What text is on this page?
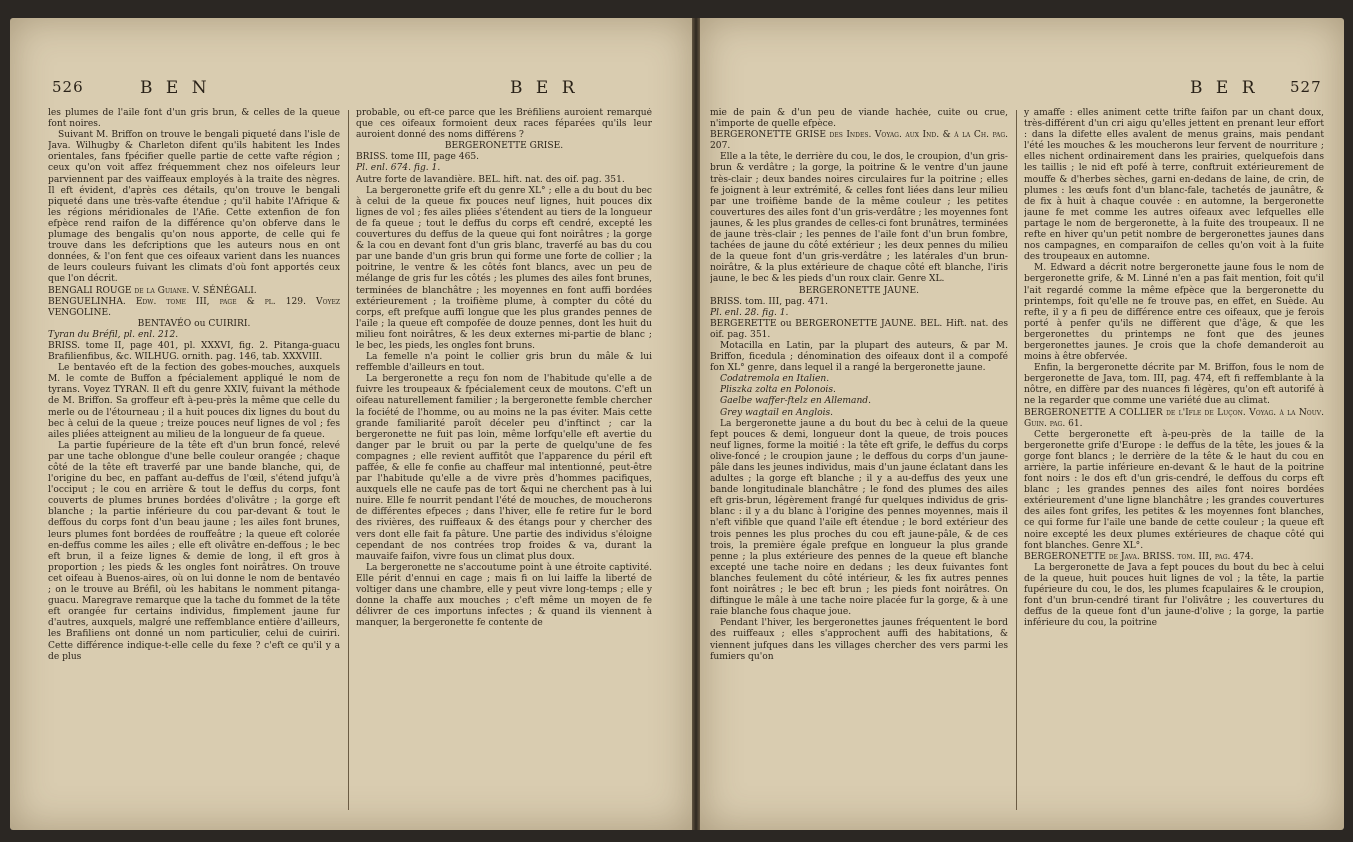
526	B E N	B E R

les plumes de l'aile font d'un gris brun, & celles de la queue font noires.

Suivant M. Briffon on trouve le bengali piqueté dans l'isle de Java. Wilhugby & Charleton difent qu'ils habitent les Indes orientales, fans fpécifier quelle partie de cette vafte région ; ceux qu'on voit affez fréquemment chez nos oifeleurs leur parviennent par des vaiffeaux employés à la traite des nègres. Il eft évident, d'après ces détails, qu'on trouve le bengali piqueté dans une très-vafte étendue ; qu'il habite l'Afrique & les régions méridionales de l'Afie. Cette extenfion de fon efpèce rend raifon de la différence qu'on obferve dans le plumage des bengalis qu'on nous apporte, de celle qui fe trouve dans les defcriptions que les auteurs nous en ont données, & l'on fent que ces oifeaux varient dans les nuances de leurs couleurs fuivant les climats d'où font apportés ceux que l'on décrit.

BENGALI ROUGE de la Guiane. V. SÉNÉGALI.

BENGUELINHA. Edw. tome III, page & pl. 129. Voyez VENGOLINE.

BENTAVÉO ou CUIRIRI.

Tyran du Bréfil, pl. enl. 212.

BRISS. tome II, page 401, pl. XXXVI, fig. 2. Pitanga-guacu Brafilienfibus, &c. WILHUG. ornith. pag. 146, tab. XXXVIII.

Le bentavéo eft de la fection des gobes-mouches, auxquels M. le comte de Buffon a fpécialement appliqué le nom de tyrans. Voyez TYRAN. Il eft du genre XXIV, fuivant la méthode de M. Briffon. Sa groffeur eft à-peu-près la même que celle du merle ou de l'étourneau ; il a huit pouces dix lignes du bout du bec à celui de la queue ; treize pouces neuf lignes de vol ; fes ailes pliées atteignent au milieu de la longueur de fa queue.

La partie fupérieure de la tête eft d'un brun foncé, relevé par une tache oblongue d'une belle couleur orangée ; chaque côté de la tête eft traverfé par une bande blanche, qui, de l'origine du bec, en paffant au-deffus de l'œil, s'étend jufqu'à l'occiput ; le cou en arrière & tout le deffus du corps, font couverts de plumes brunes bordées d'olivâtre ; la gorge eft blanche ; la partie inférieure du cou par-devant & tout le deffous du corps font d'un beau jaune ; les ailes font brunes, leurs plumes font bordées de rouffeâtre ; la queue eft colorée en-deffus comme les ailes ; elle eft olivâtre en-deffous ; le bec eft brun, il a feize lignes & demie de long, il eft gros à proportion ; les pieds & les ongles font noirâtres. On trouve cet oifeau à Buenos-aires, où on lui donne le nom de bentavéo ; on le trouve au Bréfil, où les habitans le nomment pitanga-guacu. Maregrave remarque que la tache du fommet de la tête eft orangée fur certains individus, fimplement jaune fur d'autres, auxquels, malgré une reffemblance entière d'ailleurs, les Brafiliens ont donné un nom particulier, celui de cuiriri. Cette différence indique-t-elle celle du fexe ? c'eft ce qu'il y a de plus

probable, ou eft-ce parce que les Bréfiliens auroient remarqué que ces oifeaux formoient deux races féparées qu'ils leur auroient donné des noms différens ?

BERGERONETTE GRISE.

BRISS. tome III, page 465.

Pl. enl. 674. fig. 1.

Autre forte de lavandière. BEL. hift. nat. des oif. pag. 351.

La bergeronette grife eft du genre XL° ; elle a du bout du bec à celui de la queue fix pouces neuf lignes, huit pouces dix lignes de vol ; fes ailes pliées s'étendent au tiers de la longueur de fa queue ; tout le deffus du corps eft cendré, excepté les couvertures du deffus de la queue qui font noirâtres ; la gorge & la cou en devant font d'un gris blanc, traverfé au bas du cou par une bande d'un gris brun qui forme une forte de collier ; la poitrine, le ventre & les côtés font blancs, avec un peu de mélange de gris fur les côtés ; les plumes des ailes font brunes, terminées de blanchâtre ; les moyennes en font auffi bordées extérieurement ; la troifième plume, à compter du côté du corps, eft prefque auffi longue que les plus grandes pennes de l'aile ; la queue eft compofée de douze pennes, dont les huit du milieu font noirâtres, & les deux externes mi-partie de blanc ; le bec, les pieds, les ongles font bruns.

La femelle n'a point le collier gris brun du mâle & lui reffemble d'ailleurs en tout.

La bergeronette a reçu fon nom de l'habitude qu'elle a de fuivre les troupeaux & fpécialement ceux de moutons. C'eft un oifeau naturellement familier ; la bergeronette femble chercher la fociété de l'homme, ou au moins ne la pas éviter. Mais cette grande familiarité paroît déceler peu d'inftinct ; car la bergeronette ne fuit pas loin, même lorfqu'elle eft avertie du danger par le bruit ou par la perte de quelqu'une de fes compagnes ; elle revient auffitôt que l'apparence du péril eft paffée, & elle fe confie au chaffeur mal intentionné, peut-être par l'habitude qu'elle a de vivre près d'hommes pacifiques, auxquels elle ne caufe pas de tort &qui ne cherchent pas à lui nuire. Elle fe nourrit pendant l'été de mouches, de moucherons de différentes efpeces ; dans l'hiver, elle fe retire fur le bord des rivières, des ruiffeaux & des étangs pour y chercher des vers dont elle fait fa pâture. Une partie des individus s'éloigne cependant de nos contrées trop froides & va, durant la mauvaife faifon, vivre fous un climat plus doux.

La bergeronette ne s'accoutume point à une étroite captivité. Elle périt d'ennui en cage ; mais fi on lui laiffe la liberté de voltiger dans une chambre, elle y peut vivre long-temps ; elle y donne la chaffe aux mouches ; c'eft même un moyen de fe délivrer de ces importuns infectes ; & quand ils viennent à manquer, la bergeronette fe contente de

B E R 527

mie de pain & d'un peu de viande hachée, cuite ou crue, n'importe de quelle efpèce.

BERGERONETTE GRISE des Indes. Voyag. aux Ind. & à la Ch. pag. 207.

Elle a la tête, le derrière du cou, le dos, le croupion, d'un gris-brun & verdâtre ; la gorge, la poitrine & le ventre d'un jaune très-clair ; deux bandes noires circulaires fur la poitrine ; elles fe joignent à leur extrémité, & celles font liées dans leur milieu par une troifième bande de la même couleur ; les petites couvertures des ailes font d'un gris-verdâtre ; les moyennes font jaunes, & les plus grandes de celles-ci font brunâtres, terminées de jaune très-clair ; les pennes de l'aile font d'un brun fombre, tachées de jaune du côté extérieur ; les deux pennes du milieu de la queue font d'un gris-verdâtre ; les latérales d'un brun-noirâtre, & la plus extérieure de chaque côté eft blanche, l'iris jaune, le bec & les pieds d'un roux clair. Genre XL.

BERGERONETTE JAUNE.

BRISS. tom. III, pag. 471.

Pl. enl. 28. fig. 1.

BERGERETTE ou BERGERONETTE JAUNE. BEL. Hift. nat. des oif. pag. 351.

Motacilla en Latin, par la plupart des auteurs, & par M. Briffon, ficedula ; dénomination des oifeaux dont il a compofé fon XL° genre, dans lequel il a rangé la bergeronette jaune.

Codatremola en Italien.

Pliszka zolta en Polonois.

Gaelbe waffer-ftelz en Allemand.

Grey wagtail en Anglois.

La bergeronette jaune a du bout du bec à celui de la queue fept pouces & demi, longueur dont la queue, de trois pouces neuf lignes, forme la moitié : la tête eft grife, le deffus du corps olive-foncé ; le croupion jaune ; le deffous du corps d'un jaune-pâle dans les jeunes individus, mais d'un jaune éclatant dans les adultes ; la gorge eft blanche ; il y a au-deffus des yeux une bande longitudinale blanchâtre ; le fond des plumes des ailes eft gris-brun, légèrement frangé fur quelques individus de gris-blanc : il y a du blanc à l'origine des pennes moyennes, mais il n'eft vifible que quand l'aile eft étendue ; le bord extérieur des trois pennes les plus proches du cou eft jaune-pâle, & de ces trois, la première égale prefque en longueur la plus grande penne ; la plus extérieure des pennes de la queue eft blanche excepté une tache noire en dedans ; les deux fuivantes font blanches feulement du côté intérieur, & les fix autres pennes font noirâtres ; le bec eft brun ; les pieds font noirâtres. On diftingue le mâle à une tache noire placée fur la gorge, & à une raie blanche fous chaque joue.

Pendant l'hiver, les bergeronettes jaunes fréquentent le bord des ruiffeaux ; elles s'approchent auffi des habitations, & viennent jufques dans les villages chercher des vers parmi les fumiers qu'on

y amaffe : elles animent cette trifte faifon par un chant doux, très-différent d'un cri aigu qu'elles jettent en prenant leur effort : dans la difette elles avalent de menus grains, mais pendant l'été les mouches & les moucherons leur fervent de nourriture ; elles nichent ordinairement dans les prairies, quelquefois dans les taillis ; le nid eft pofé à terre, conftruit extérieurement de mouffe & d'herbes sèches, garni en-dedans de laine, de crin, de plumes : les œufs font d'un blanc-fale, tachetés de jaunâtre, & de fix à huit à chaque couvée : en automne, la bergeronette jaune fe met comme les autres oifeaux avec lefquelles elle partage le nom de bergeronette, à la fuite des troupeaux. Il ne refte en hiver qu'un petit nombre de bergeronettes jaunes dans nos campagnes, en comparaifon de celles qu'on voit à la fuite des troupeaux en automne.

M. Edward a décrit notre bergeronette jaune fous le nom de bergeronette grife, & M. Linné n'en a pas fait mention, foit qu'il l'ait regardé comme la même efpèce que la bergeronette du printemps, foit qu'elle ne fe trouve pas, en effet, en Suède. Au refte, il y a fi peu de différence entre ces oifeaux, que je ferois porté à penfer qu'ils ne diffèrent que d'âge, & que les bergeronettes du printemps ne font que des jeunes bergeronettes jaunes. Je crois que la chofe demanderoit au moins à être obfervée.

Enfin, la bergeronette décrite par M. Briffon, fous le nom de bergeronette de Java, tom. III, pag. 474, eft fi reffemblante à la nôtre, en diffère par des nuances fi légères, qu'on eft autorifé à ne la regarder que comme une variété due au climat.

BERGERONETTE A COLLIER de l'Ifle de Luçon. Voyag. à la Nouv. Guin. pag. 61.

Cette bergeronette eft à-peu-près de la taille de la bergeronette grife d'Europe : le deffus de la tête, les joues & la gorge font blancs ; le derrière de la tête & le haut du cou en arrière, la partie inférieure en-devant & le haut de la poitrine font noirs : le dos eft d'un gris-cendré, le deffous du corps eft blanc ; les grandes pennes des ailes font noires bordées extérieurement d'une ligne blanchâtre ; les grandes couvertures des ailes font grifes, les petites & les moyennes font blanches, ce qui forme fur l'aile une bande de cette couleur ; la queue eft noire excepté les deux plumes extérieures de chaque côté qui font blanches. Genre XL°.

BERGERONETTE de Java. BRISS. tom. III, pag. 474.

La bergeronette de Java a fept pouces du bout du bec à celui de la queue, huit pouces huit lignes de vol ; la tête, la partie fupérieure du cou, le dos, les plumes fcapulaires & le croupion, font d'un brun-cendré tirant fur l'olivâtre ; les couvertures du deffus de la queue font d'un jaune-d'olive ; la gorge, la partie inférieure du cou, la poitrine
